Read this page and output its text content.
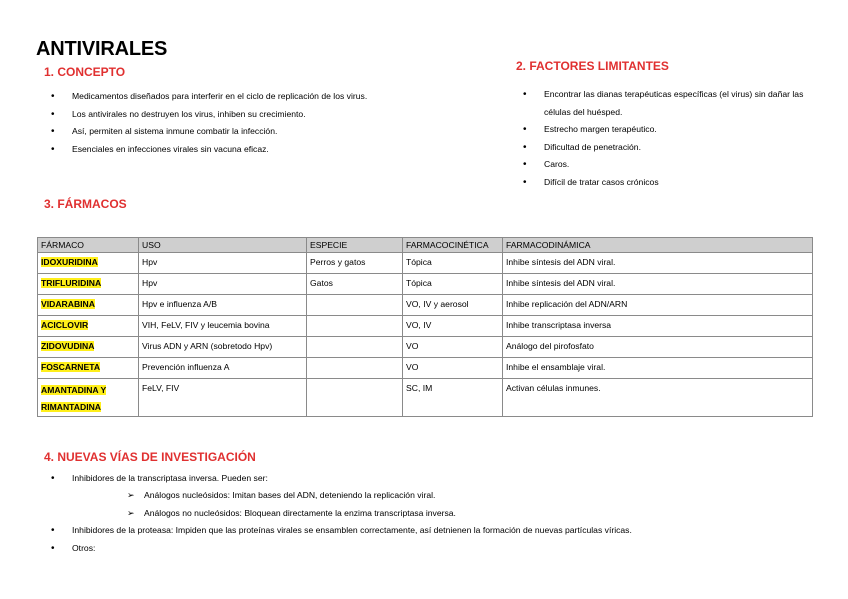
ANTIVIRALES
1. CONCEPTO
• Medicamentos diseñados para interferir en el ciclo de replicación de los virus.
• Los antivirales no destruyen los virus, inhiben su crecimiento.
• Así, permiten al sistema inmune combatir la infección.
• Esenciales en infecciones virales sin vacuna eficaz.
2. FACTORES LIMITANTES
• Encontrar las dianas terapéuticas específicas (el virus) sin dañar las células del huésped.
• Estrecho margen terapéutico.
• Dificultad de penetración.
• Caros.
• Difícil de tratar casos crónicos
3. FÁRMACOS
FÁRMACO	USO	ESPECIE	FARMACOCINÉTICA	FARMACODINÁMICA
IDOXURIDINA	Hpv	Perros y gatos	Tópica	Inhibe síntesis del ADN viral.
TRIFLURIDINA	Hpv	Gatos	Tópica	Inhibe síntesis del ADN viral.
VIDARABINA	Hpv e influenza A/B		VO, IV y aerosol	Inhibe replicación del ADN/ARN
ACICLOVIR	VIH, FeLV, FIV y leucemia bovina		VO, IV	Inhibe transcriptasa inversa
ZIDOVUDINA	Virus ADN y ARN (sobretodo Hpv)		VO	Análogo del pirofosfato
FOSCARNETA	Prevención influenza A		VO	Inhibe el ensamblaje viral.
AMANTADINA Y RIMANTADINA	FeLV, FIV		SC, IM	Activan células inmunes.
4. NUEVAS VÍAS DE INVESTIGACIÓN
• Inhibidores de la transcriptasa inversa. Pueden ser:
➢ Análogos nucleósidos: Imitan bases del ADN, deteniendo la replicación viral.
➢ Análogos no nucleósidos: Bloquean directamente la enzima transcriptasa inversa.
• Inhibidores de la proteasa: Impiden que las proteínas virales se ensamblen correctamente, así detnienen la formación de nuevas partículas víricas.
• Otros:
